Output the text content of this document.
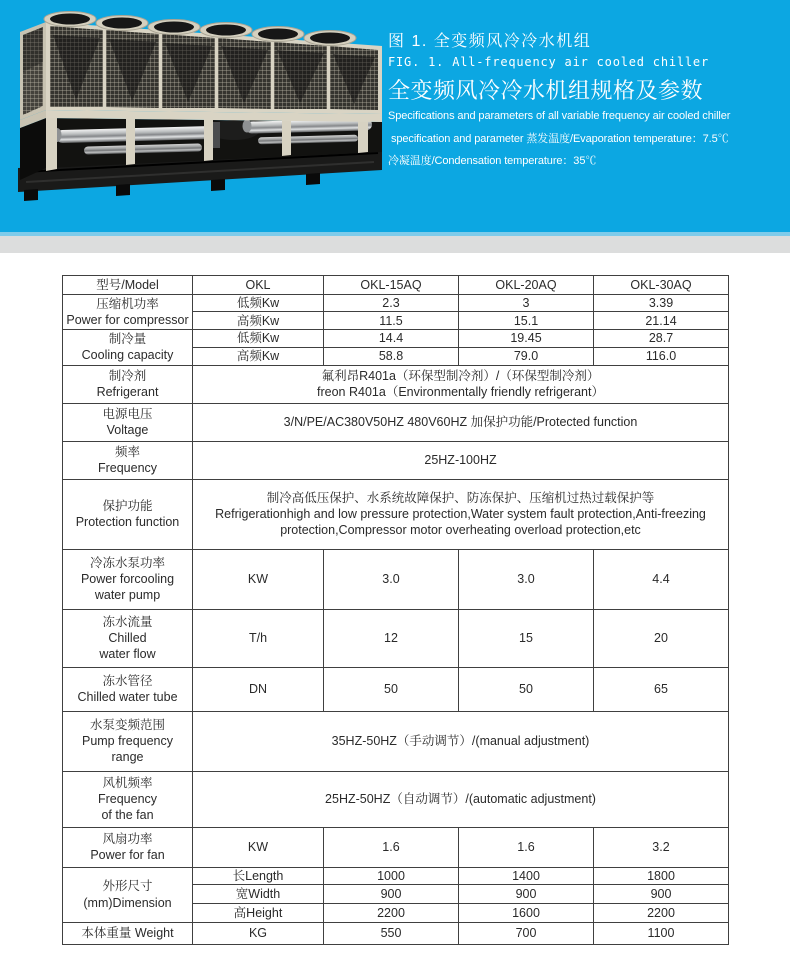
图 1. 全变频风冷冷水机组
FIG. 1. All-frequency air cooled chiller
全变频风冷冷水机组规格及参数
Specifications and parameters of all variable frequency air cooled chiller
specification and parameter 蒸发温度/Evaporation temperature：7.5℃
冷凝温度/Condensation temperature：35℃
型号/Model	OKL	OKL-15AQ	OKL-20AQ	OKL-30AQ

压缩机功率
Power for compressor	低频Kw	2.3	3	3.39
	高频Kw	11.5	15.1	21.14

制冷量
Cooling capacity	低频Kw	14.4	19.45	28.7
	高频Kw	58.8	79.0	116.0

制冷剂
Refrigerant	氟利昂R401a（环保型制冷剂）/（环保型制冷剂）
freon R401a（Environmentally friendly refrigerant）			

电源电压
Voltage	3/N/PE/AC380V50HZ 480V60HZ 加保护功能/Protected function			

频率
Frequency	25HZ-100HZ			

保护功能
Protection function	制冷高低压保护、水系统故障保护、防冻保护、压缩机过热过载保护等
Refrigerationhigh and low pressure protection,Water system fault protection,Anti-freezing protection,Compressor motor overheating overload protection,etc			

冷冻水泵功率
Power forcooling
water pump	KW	3.0	3.0	4.4

冻水流量
Chilled
water flow	T/h	12	15	20

冻水管径
Chilled water tube	DN	50	50	65

水泵变频范围
Pump frequency
range	35HZ-50HZ（手动调节）/(manual adjustment)			

风机频率
Frequency
of the fan	25HZ-50HZ（自动调节）/(automatic adjustment)			

风扇功率
Power for fan	KW	1.6	1.6	3.2

外形尺寸
(mm)Dimension	长Length	1000	1400	1800
	宽Width	900	900	900
	高Height	2200	1600	2200
本体重量 Weight	KG	550	700	1100
